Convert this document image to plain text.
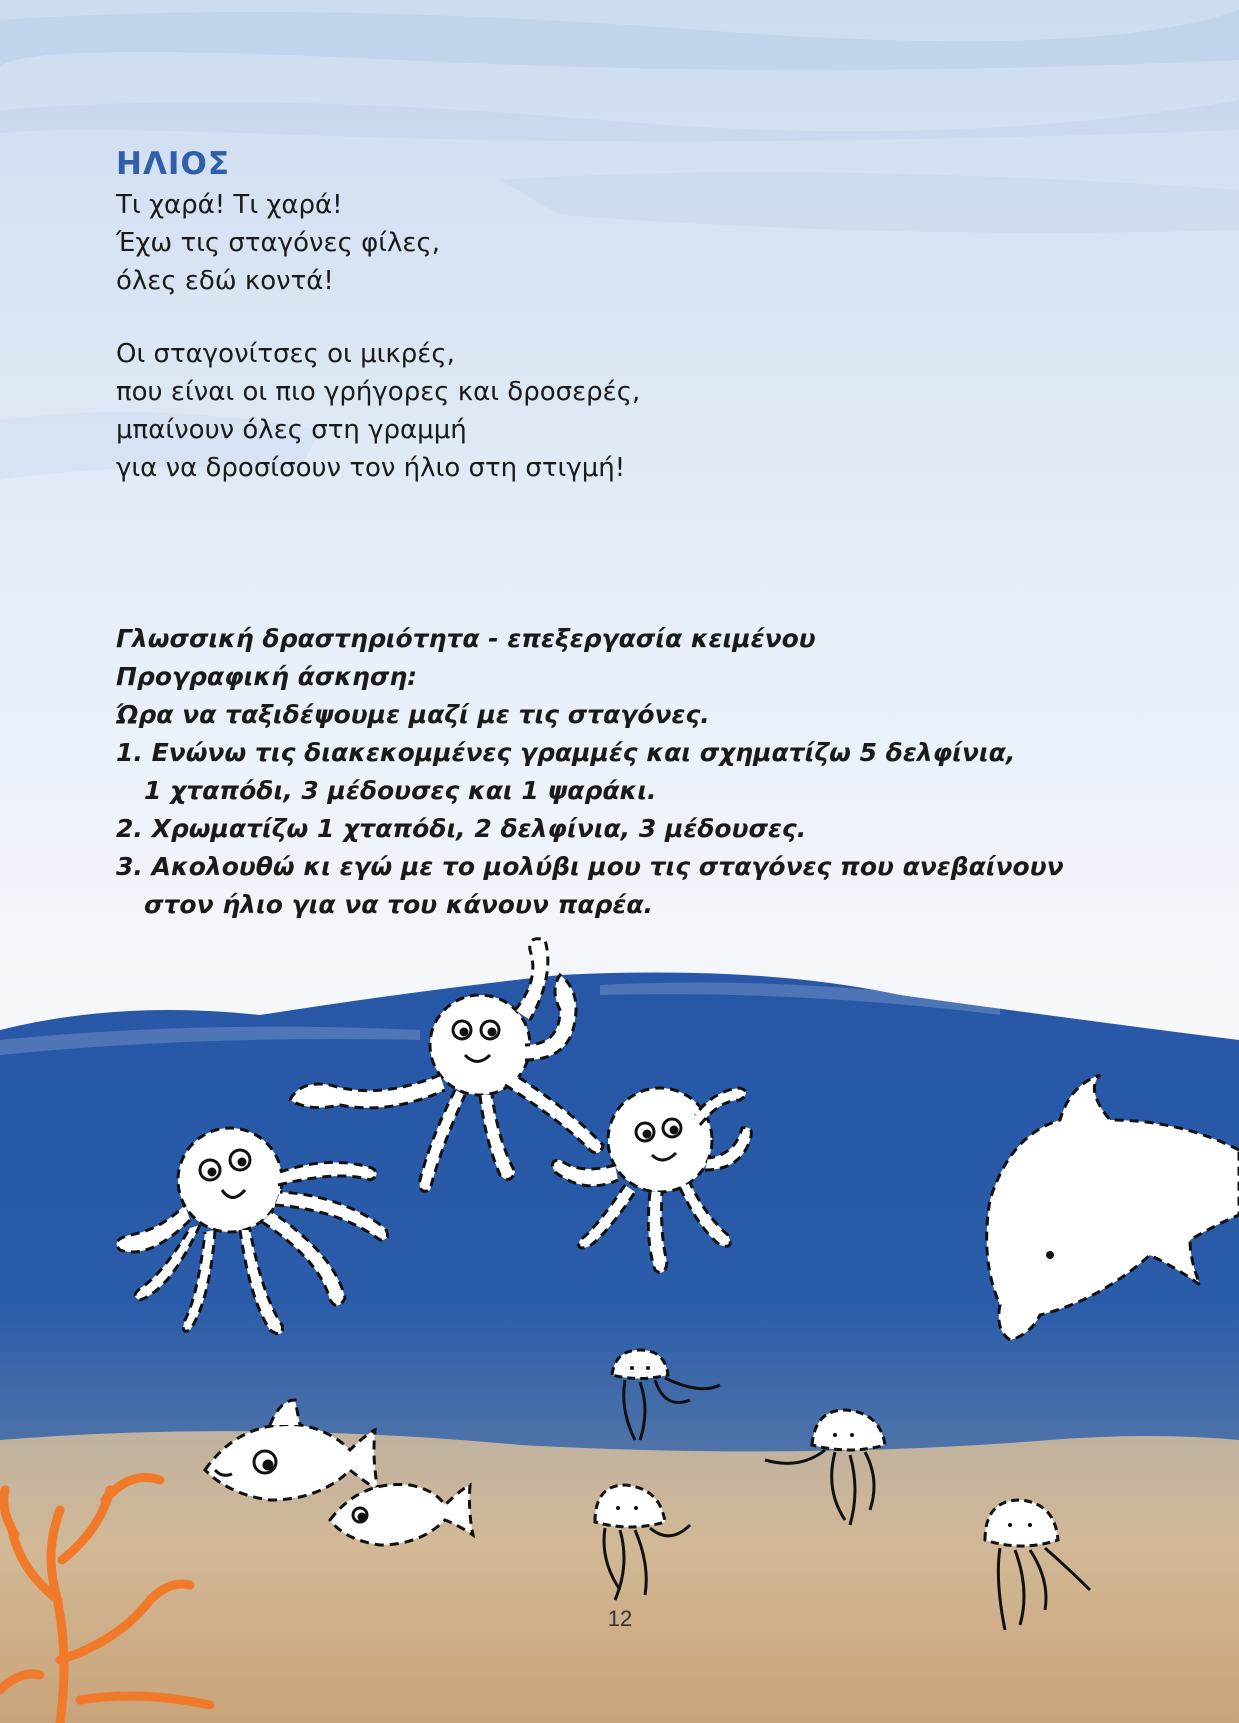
ΗΛΙΟΣ
Τι χαρά! Τι χαρά!
Έχω τις σταγόνες φίλες,
όλες εδώ κοντά!
Οι σταγονίτσες οι μικρές,
που είναι οι πιο γρήγορες και δροσερές,
μπαίνουν όλες στη γραμμή
για να δροσίσουν τον ήλιο στη στιγμή!
Γλωσσική δραστηριότητα - επεξεργασία κειμένου
Προγραφική άσκηση:
Ώρα να ταξιδέψουμε μαζί με τις σταγόνες.
1. Ενώνω τις διακεκομμένες γραμμές και σχηματίζω 5 δελφίνια,
1 χταπόδι, 3 μέδουσες και 1 ψαράκι.
2. Χρωματίζω 1 χταπόδι, 2 δελφίνια, 3 μέδουσες.
3. Ακολουθώ κι εγώ με το μολύβι μου τις σταγόνες που ανεβαίνουν
στον ήλιο για να του κάνουν παρέα.
12
